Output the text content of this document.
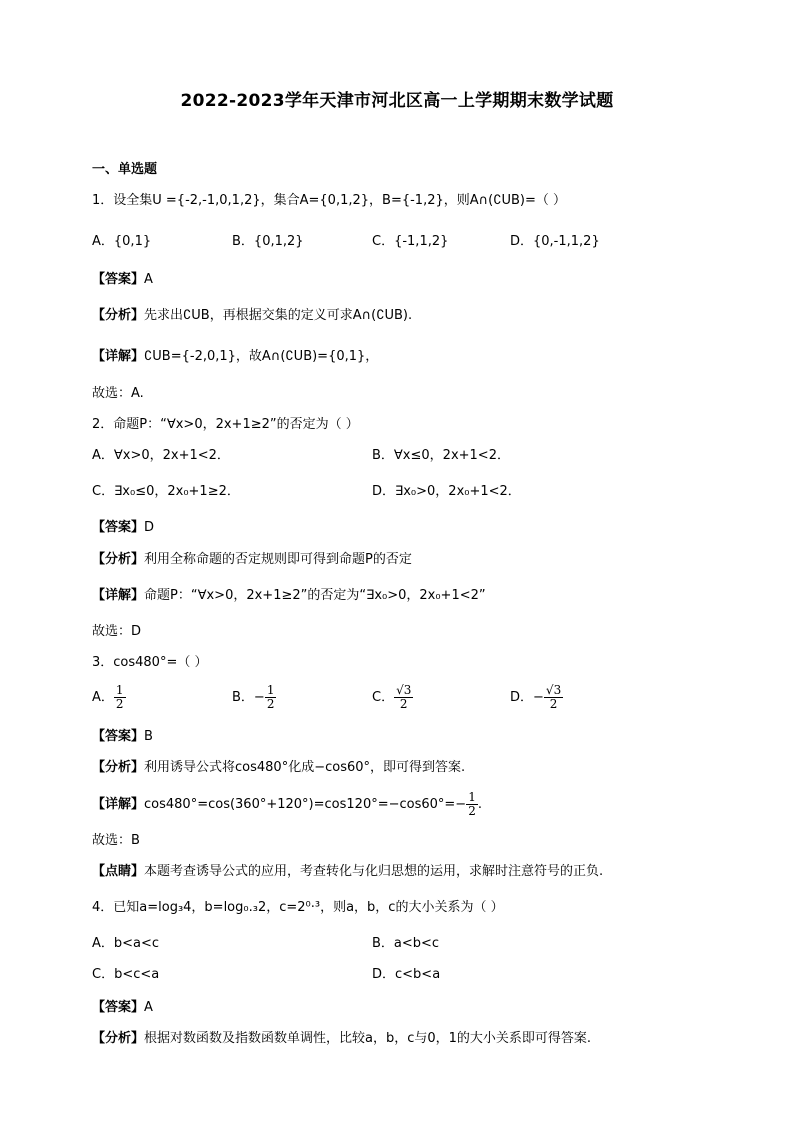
2022-2023学年天津市河北区高一上学期期末数学试题
一、单选题
1．设全集U ={-2,-1,0,1,2}，集合A={0,1,2}，B={-1,2}，则A∩(∁UB)=（ ）
A．{0,1}	B．{0,1,2}	C．{-1,1,2}	D．{0,-1,1,2}
【答案】A
【分析】先求出∁UB，再根据交集的定义可求A∩(∁UB).
【详解】∁UB={-2,0,1}，故A∩(∁UB)={0,1}，
故选：A.
2．命题P：“∀x>0，2x+1≥2”的否定为（ ）
A．∀x>0，2x+1<2．	B．∀x≤0，2x+1<2．
C．∃x₀≤0，2x₀+1≥2．	D．∃x₀>0，2x₀+1<2．
【答案】D
【分析】利用全称命题的否定规则即可得到命题P的否定
【详解】命题P：“∀x>0，2x+1≥2”的否定为“∃x₀>0，2x₀+1<2”
故选：D
3．cos480°=（ ）
A． $\frac{1}{2}$	B．− $\frac{1}{2}$	C． $\frac{√3}{2}$	D．− $\frac{√3}{2}$
【答案】B
【分析】利用诱导公式将cos480°化成−cos60°，即可得到答案.
【详解】$\cos 480^\circ=\cos(360^\circ+120^\circ)=\cos 120^\circ=-\cos 60^\circ=- \frac{1}{2}$ .
故选：B
【点睛】本题考查诱导公式的应用，考查转化与化归思想的运用，求解时注意符号的正负.
4．已知a=log₃4，b=log₀.₃2，c=2⁰·³，则a，b，c的大小关系为（ ）
A．b<a<c	B．a<b<c
C．b<c<a	D．c<b<a
【答案】A
【分析】根据对数函数及指数函数单调性，比较a，b，c与0，1的大小关系即可得答案.
